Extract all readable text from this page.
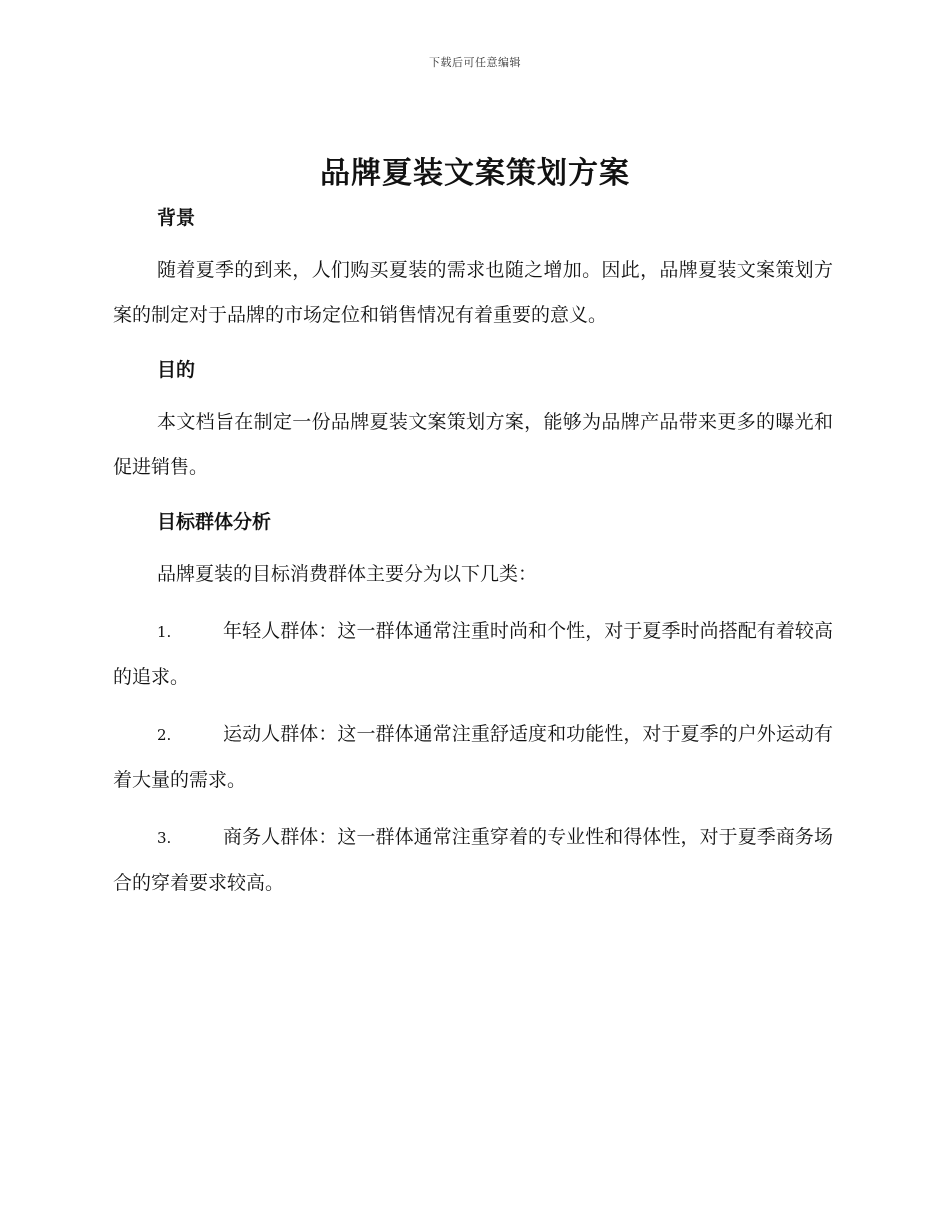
下载后可任意编辑
品牌夏装文案策划方案
背景

随着夏季的到来，人们购买夏装的需求也随之增加。因此，品牌夏装文案策划方案的制定对于品牌的市场定位和销售情况有着重要的意义。

目的

本文档旨在制定一份品牌夏装文案策划方案，能够为品牌产品带来更多的曝光和促进销售。

目标群体分析

品牌夏装的目标消费群体主要分为以下几类：

1.	年轻人群体：这一群体通常注重时尚和个性，对于夏季时尚搭配有着较高的追求。

2.	运动人群体：这一群体通常注重舒适度和功能性，对于夏季的户外运动有着大量的需求。

3.	商务人群体：这一群体通常注重穿着的专业性和得体性，对于夏季商务场合的穿着要求较高。
